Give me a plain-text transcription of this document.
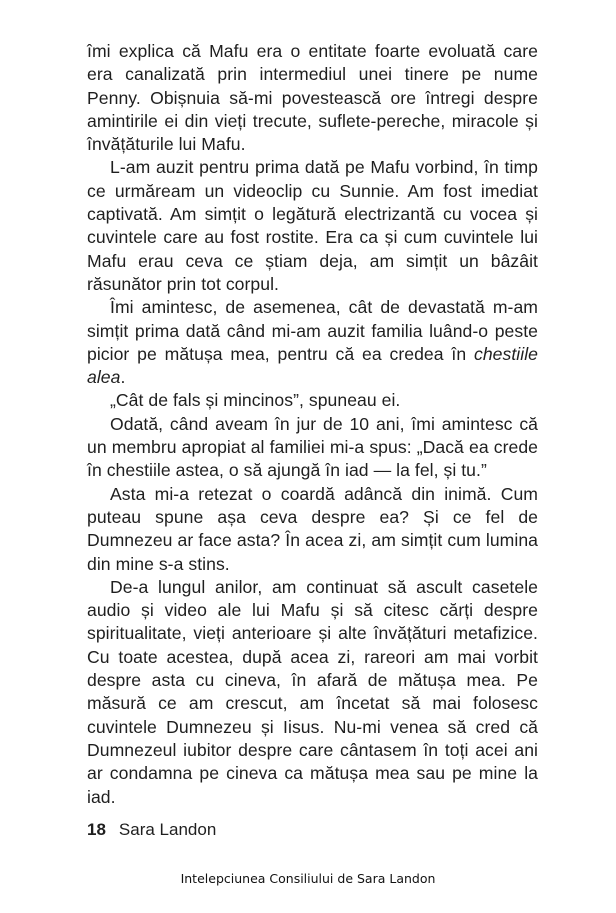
îmi explica că Mafu era o entitate foarte evoluată care era canalizată prin intermediul unei tinere pe nume Penny. Obișnuia să-mi povestească ore întregi despre amintirile ei din vieți trecute, suflete-pereche, miracole și învățăturile lui Mafu.

L-am auzit pentru prima dată pe Mafu vorbind, în timp ce urmăream un videoclip cu Sunnie. Am fost imediat captivată. Am simțit o legătură electrizantă cu vocea și cuvintele care au fost rostite. Era ca și cum cuvintele lui Mafu erau ceva ce știam deja, am simțit un bâzâit răsunător prin tot corpul.

Îmi amintesc, de asemenea, cât de devastată m-am simțit prima dată când mi-am auzit familia luând-o peste picior pe mătușa mea, pentru că ea credea în chestiile alea.

„Cât de fals și mincinos”, spuneau ei.

Odată, când aveam în jur de 10 ani, îmi amintesc că un membru apropiat al familiei mi-a spus: „Dacă ea crede în chestiile astea, o să ajungă în iad — la fel, și tu.”

Asta mi-a retezat o coardă adâncă din inimă. Cum puteau spune așa ceva despre ea? Și ce fel de Dumnezeu ar face asta? În acea zi, am simțit cum lumina din mine s-a stins.

De-a lungul anilor, am continuat să ascult casetele audio și video ale lui Mafu și să citesc cărți despre spiritualitate, vieți anterioare și alte învățături metafizice. Cu toate acestea, după acea zi, rareori am mai vorbit despre asta cu cineva, în afară de mătușa mea. Pe măsură ce am crescut, am încetat să mai folosesc cuvintele Dumnezeu și Iisus. Nu-mi venea să cred că Dumnezeul iubitor despre care cântasem în toți acei ani ar condamna pe cineva ca mătușa mea sau pe mine la iad.

18 Sara Landon
Intelepciunea Consiliului de Sara Landon
